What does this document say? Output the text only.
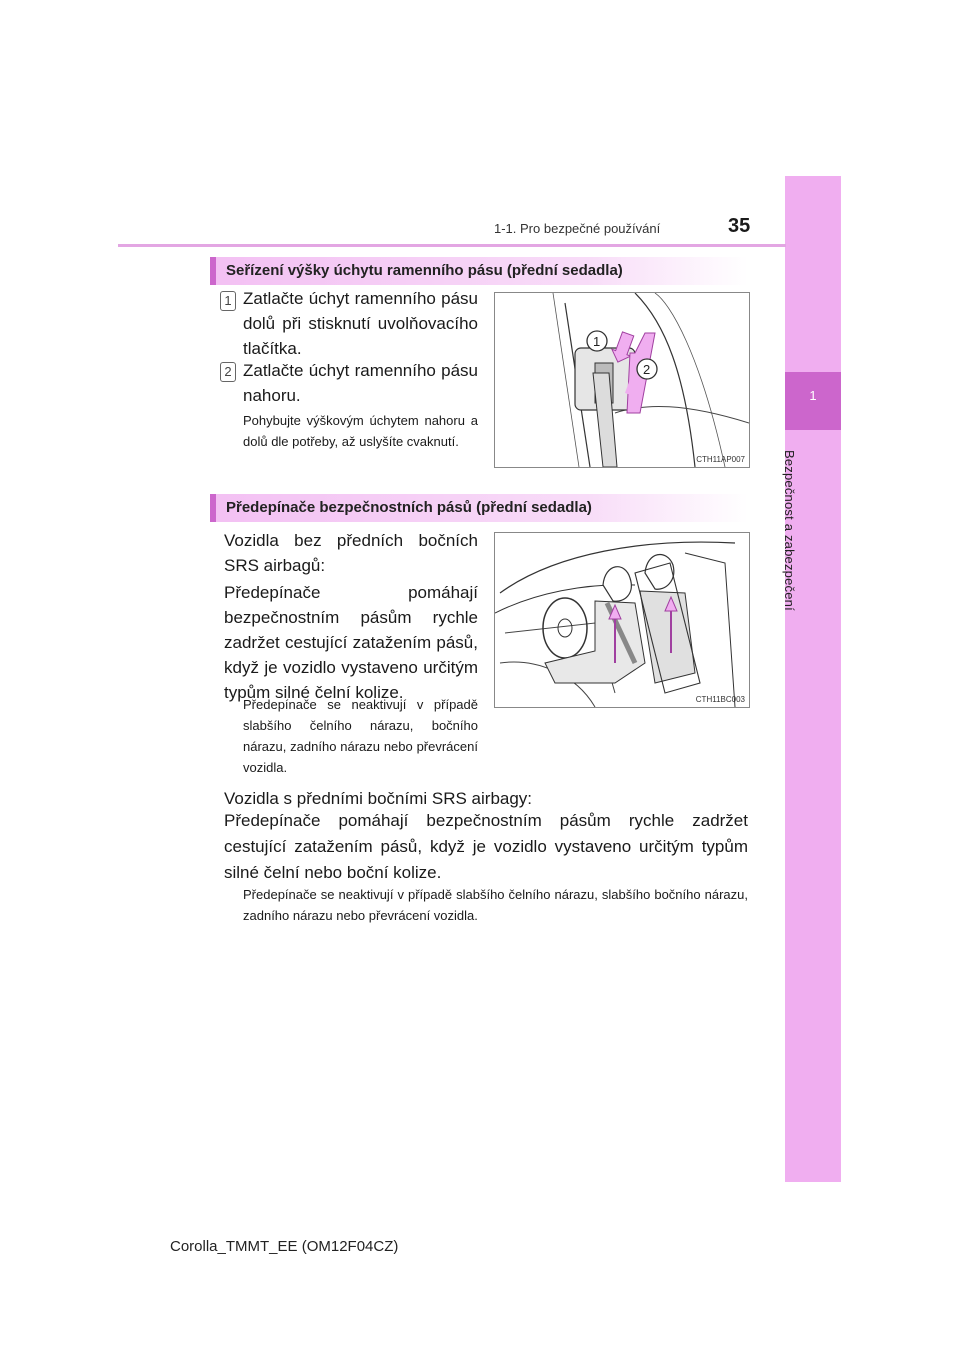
1
Bezpečnost a zabezpečení
1-1. Pro bezpečné používání	35
Seřízení výšky úchytu ramenního pásu (přední sedadla)
1 Zatlačte úchyt ramenního pásu dolů při stisknutí uvolňovacího tlačítka.
2 Zatlačte úchyt ramenního pásu nahoru.
Pohybujte výškovým úchytem nahoru a dolů dle potřeby, až uslyšíte cvaknutí.
1
2
CTH11AP007
Předepínače bezpečnostních pásů (přední sedadla)
Vozidla bez předních bočních SRS airbagů:
Předepínače pomáhají bezpečnostním pásům rychle zadržet cestující zatažením pásů, když je vozidlo vystaveno určitým typům silné čelní kolize.
Předepínače se neaktivují v případě slabšího čelního nárazu, bočního nárazu, zadního nárazu nebo převrácení vozidla.
CTH11BC003
Vozidla s předními bočními SRS airbagy:
Předepínače pomáhají bezpečnostním pásům rychle zadržet cestující zatažením pásů, když je vozidlo vystaveno určitým typům silné čelní nebo boční kolize.
Předepínače se neaktivují v případě slabšího čelního nárazu, slabšího bočního nárazu, zadního nárazu nebo převrácení vozidla.
Corolla_TMMT_EE (OM12F04CZ)
